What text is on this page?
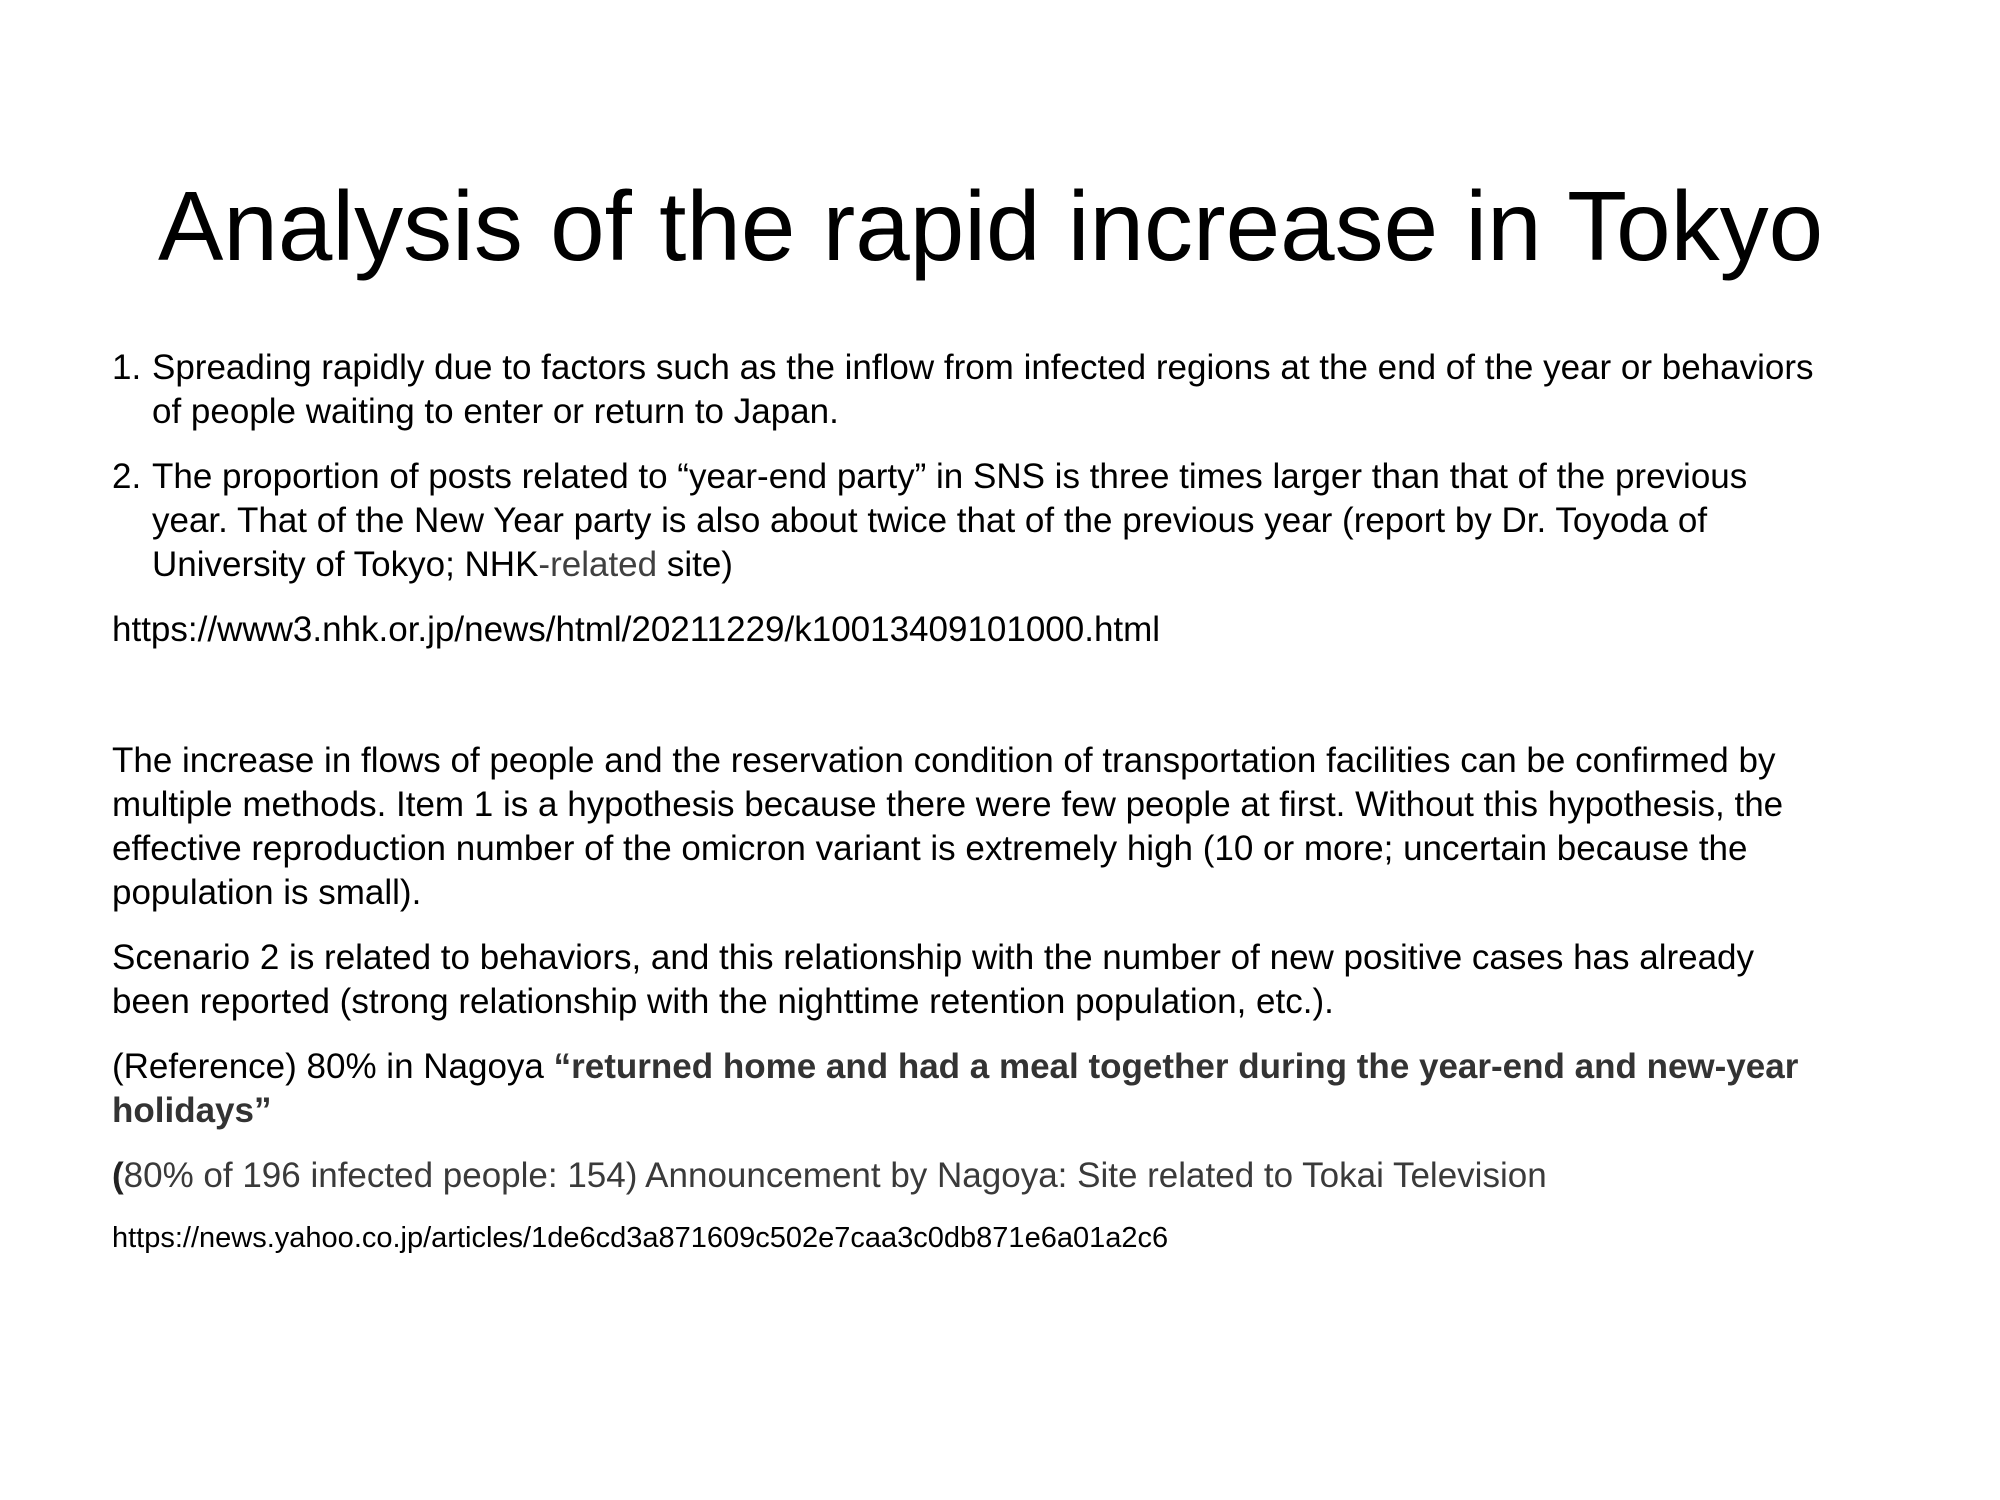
Analysis of the rapid increase in Tokyo
1. Spreading rapidly due to factors such as the inflow from infected regions at the end of the year or behaviors of people waiting to enter or return to Japan.
2. The proportion of posts related to “year-end party” in SNS is three times larger than that of the previous year. That of the New Year party is also about twice that of the previous year (report by Dr. Toyoda of University of Tokyo; NHK-related site)

https://www3.nhk.or.jp/news/html/20211229/k10013409101000.html

The increase in flows of people and the reservation condition of transportation facilities can be confirmed by multiple methods. Item 1 is a hypothesis because there were few people at first. Without this hypothesis, the effective reproduction number of the omicron variant is extremely high (10 or more; uncertain because the population is small).

Scenario 2 is related to behaviors, and this relationship with the number of new positive cases has already been reported (strong relationship with the nighttime retention population, etc.).

(Reference) 80% in Nagoya “returned home and had a meal together during the year-end and new-year holidays”

(80% of 196 infected people: 154) Announcement by Nagoya: Site related to Tokai Television

https://news.yahoo.co.jp/articles/1de6cd3a871609c502e7caa3c0db871e6a01a2c6
